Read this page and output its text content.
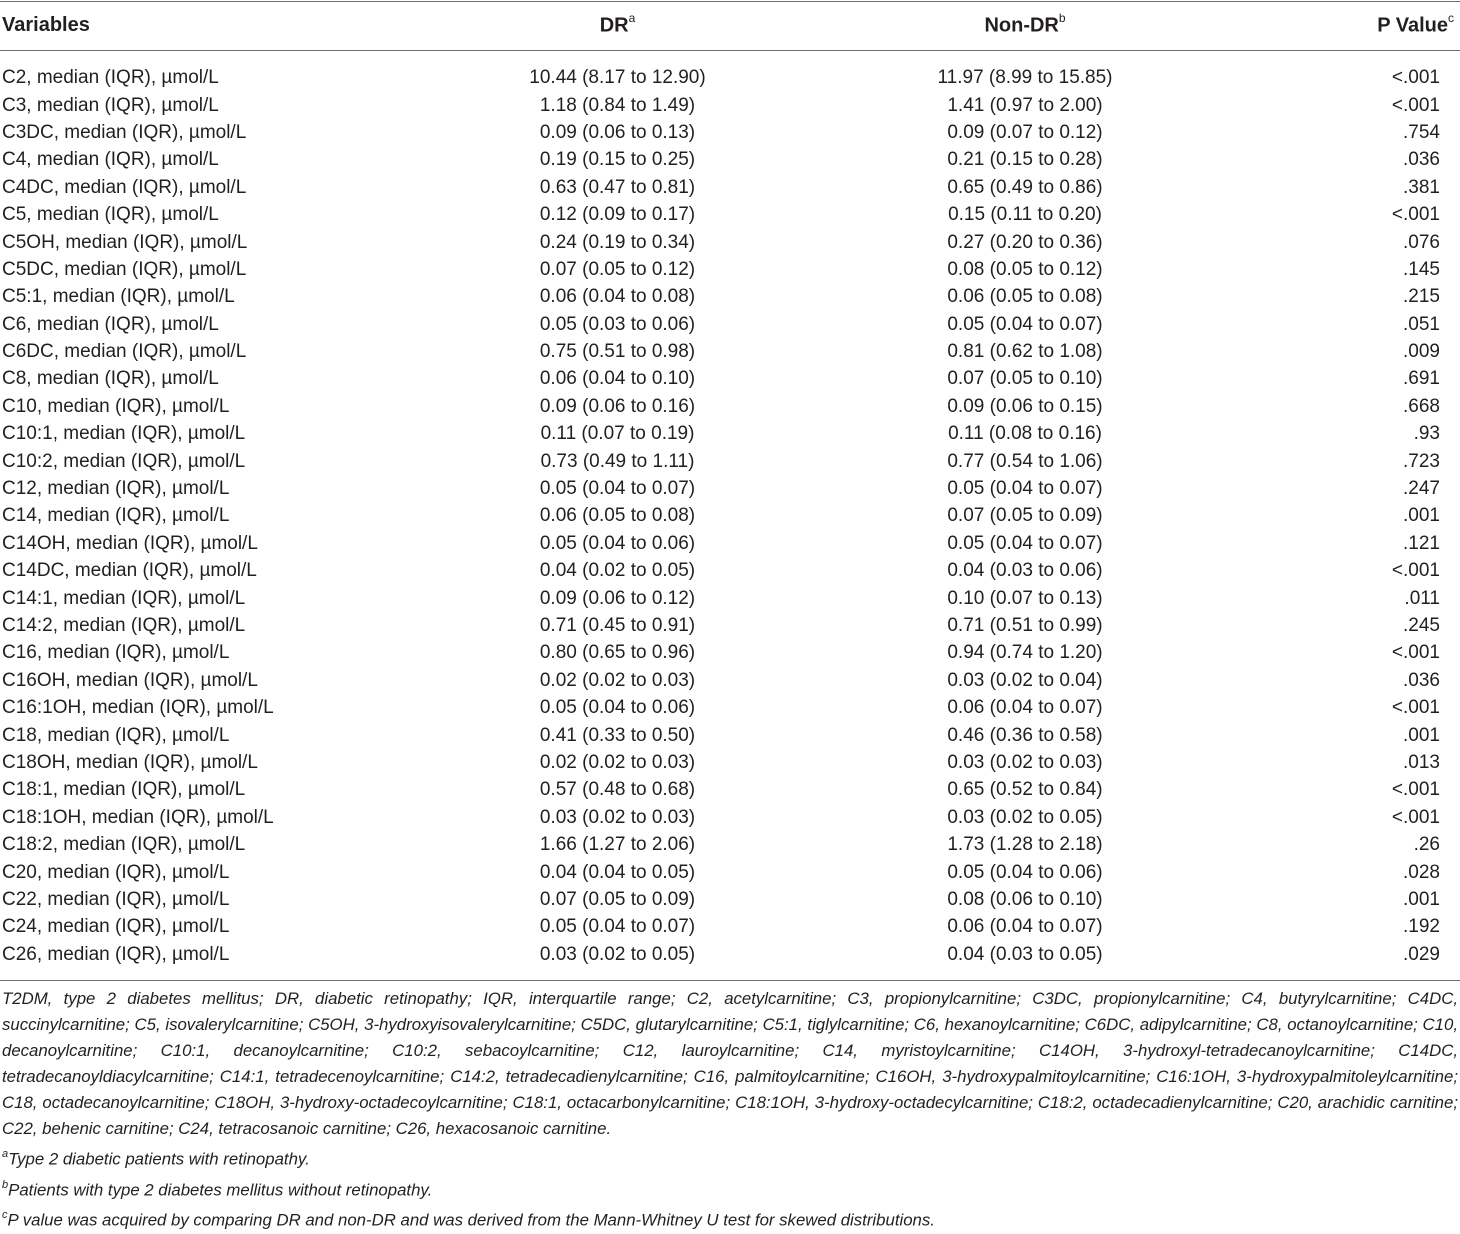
Variables	$DR^a$	Non-$DR^b$	P Value$^c$
C2, median (IQR), µmol/L	10.44 (8.17 to 12.90)	11.97 (8.99 to 15.85)	<.001
C3, median (IQR), µmol/L	1.18 (0.84 to 1.49)	1.41 (0.97 to 2.00)	<.001
C3DC, median (IQR), µmol/L	0.09 (0.06 to 0.13)	0.09 (0.07 to 0.12)	.754
C4, median (IQR), µmol/L	0.19 (0.15 to 0.25)	0.21 (0.15 to 0.28)	.036
C4DC, median (IQR), µmol/L	0.63 (0.47 to 0.81)	0.65 (0.49 to 0.86)	.381
C5, median (IQR), µmol/L	0.12 (0.09 to 0.17)	0.15 (0.11 to 0.20)	<.001
C5OH, median (IQR), µmol/L	0.24 (0.19 to 0.34)	0.27 (0.20 to 0.36)	.076
C5DC, median (IQR), µmol/L	0.07 (0.05 to 0.12)	0.08 (0.05 to 0.12)	.145
C5:1, median (IQR), µmol/L	0.06 (0.04 to 0.08)	0.06 (0.05 to 0.08)	.215
C6, median (IQR), µmol/L	0.05 (0.03 to 0.06)	0.05 (0.04 to 0.07)	.051
C6DC, median (IQR), µmol/L	0.75 (0.51 to 0.98)	0.81 (0.62 to 1.08)	.009
C8, median (IQR), µmol/L	0.06 (0.04 to 0.10)	0.07 (0.05 to 0.10)	.691
C10, median (IQR), µmol/L	0.09 (0.06 to 0.16)	0.09 (0.06 to 0.15)	.668
C10:1, median (IQR), µmol/L	0.11 (0.07 to 0.19)	0.11 (0.08 to 0.16)	.93
C10:2, median (IQR), µmol/L	0.73 (0.49 to 1.11)	0.77 (0.54 to 1.06)	.723
C12, median (IQR), µmol/L	0.05 (0.04 to 0.07)	0.05 (0.04 to 0.07)	.247
C14, median (IQR), µmol/L	0.06 (0.05 to 0.08)	0.07 (0.05 to 0.09)	.001
C14OH, median (IQR), µmol/L	0.05 (0.04 to 0.06)	0.05 (0.04 to 0.07)	.121
C14DC, median (IQR), µmol/L	0.04 (0.02 to 0.05)	0.04 (0.03 to 0.06)	<.001
C14:1, median (IQR), µmol/L	0.09 (0.06 to 0.12)	0.10 (0.07 to 0.13)	.011
C14:2, median (IQR), µmol/L	0.71 (0.45 to 0.91)	0.71 (0.51 to 0.99)	.245
C16, median (IQR), µmol/L	0.80 (0.65 to 0.96)	0.94 (0.74 to 1.20)	<.001
C16OH, median (IQR), µmol/L	0.02 (0.02 to 0.03)	0.03 (0.02 to 0.04)	.036
C16:1OH, median (IQR), µmol/L	0.05 (0.04 to 0.06)	0.06 (0.04 to 0.07)	<.001
C18, median (IQR), µmol/L	0.41 (0.33 to 0.50)	0.46 (0.36 to 0.58)	.001
C18OH, median (IQR), µmol/L	0.02 (0.02 to 0.03)	0.03 (0.02 to 0.03)	.013
C18:1, median (IQR), µmol/L	0.57 (0.48 to 0.68)	0.65 (0.52 to 0.84)	<.001
C18:1OH, median (IQR), µmol/L	0.03 (0.02 to 0.03)	0.03 (0.02 to 0.05)	<.001
C18:2, median (IQR), µmol/L	1.66 (1.27 to 2.06)	1.73 (1.28 to 2.18)	.26
C20, median (IQR), µmol/L	0.04 (0.04 to 0.05)	0.05 (0.04 to 0.06)	.028
C22, median (IQR), µmol/L	0.07 (0.05 to 0.09)	0.08 (0.06 to 0.10)	.001
C24, median (IQR), µmol/L	0.05 (0.04 to 0.07)	0.06 (0.04 to 0.07)	.192
C26, median (IQR), µmol/L	0.03 (0.02 to 0.05)	0.04 (0.03 to 0.05)	.029
T2DM, type 2 diabetes mellitus; DR, diabetic retinopathy; IQR, interquartile range; C2, acetylcarnitine; C3, propionylcarnitine; C3DC, propionylcarnitine; C4, butyrylcarnitine; C4DC, succinylcarnitine; C5, isovalerylcarnitine; C5OH, 3-hydroxyisovalerylcarnitine; C5DC, glutarylcarnitine; C5:1, tiglylcarnitine; C6, hexanoylcarnitine; C6DC, adipylcarnitine; C8, octanoylcarnitine; C10, decanoylcarnitine; C10:1, decanoylcarnitine; C10:2, sebacoylcarnitine; C12, lauroylcarnitine; C14, myristoylcarnitine; C14OH, 3-hydroxyl-tetradecanoylcarnitine; C14DC, tetradecanoyldiacylcarnitine; C14:1, tetradecenoylcarnitine; C14:2, tetradecadienylcarnitine; C16, palmitoylcarnitine; C16OH, 3-hydroxypalmitoylcarnitine; C16:1OH, 3-hydroxypalmitoleylcarnitine; C18, octadecanoylcarnitine; C18OH, 3-hydroxy-octadecoylcarnitine; C18:1, octacarbonylcarnitine; C18:1OH, 3-hydroxy-octadecylcarnitine; C18:2, octadecadienylcarnitine; C20, arachidic carnitine; C22, behenic carnitine; C24, tetracosanoic carnitine; C26, hexacosanoic carnitine.
$^a$Type 2 diabetic patients with retinopathy.
$^b$Patients with type 2 diabetes mellitus without retinopathy.
$^c$P value was acquired by comparing DR and non-DR and was derived from the Mann-Whitney U test for skewed distributions.
